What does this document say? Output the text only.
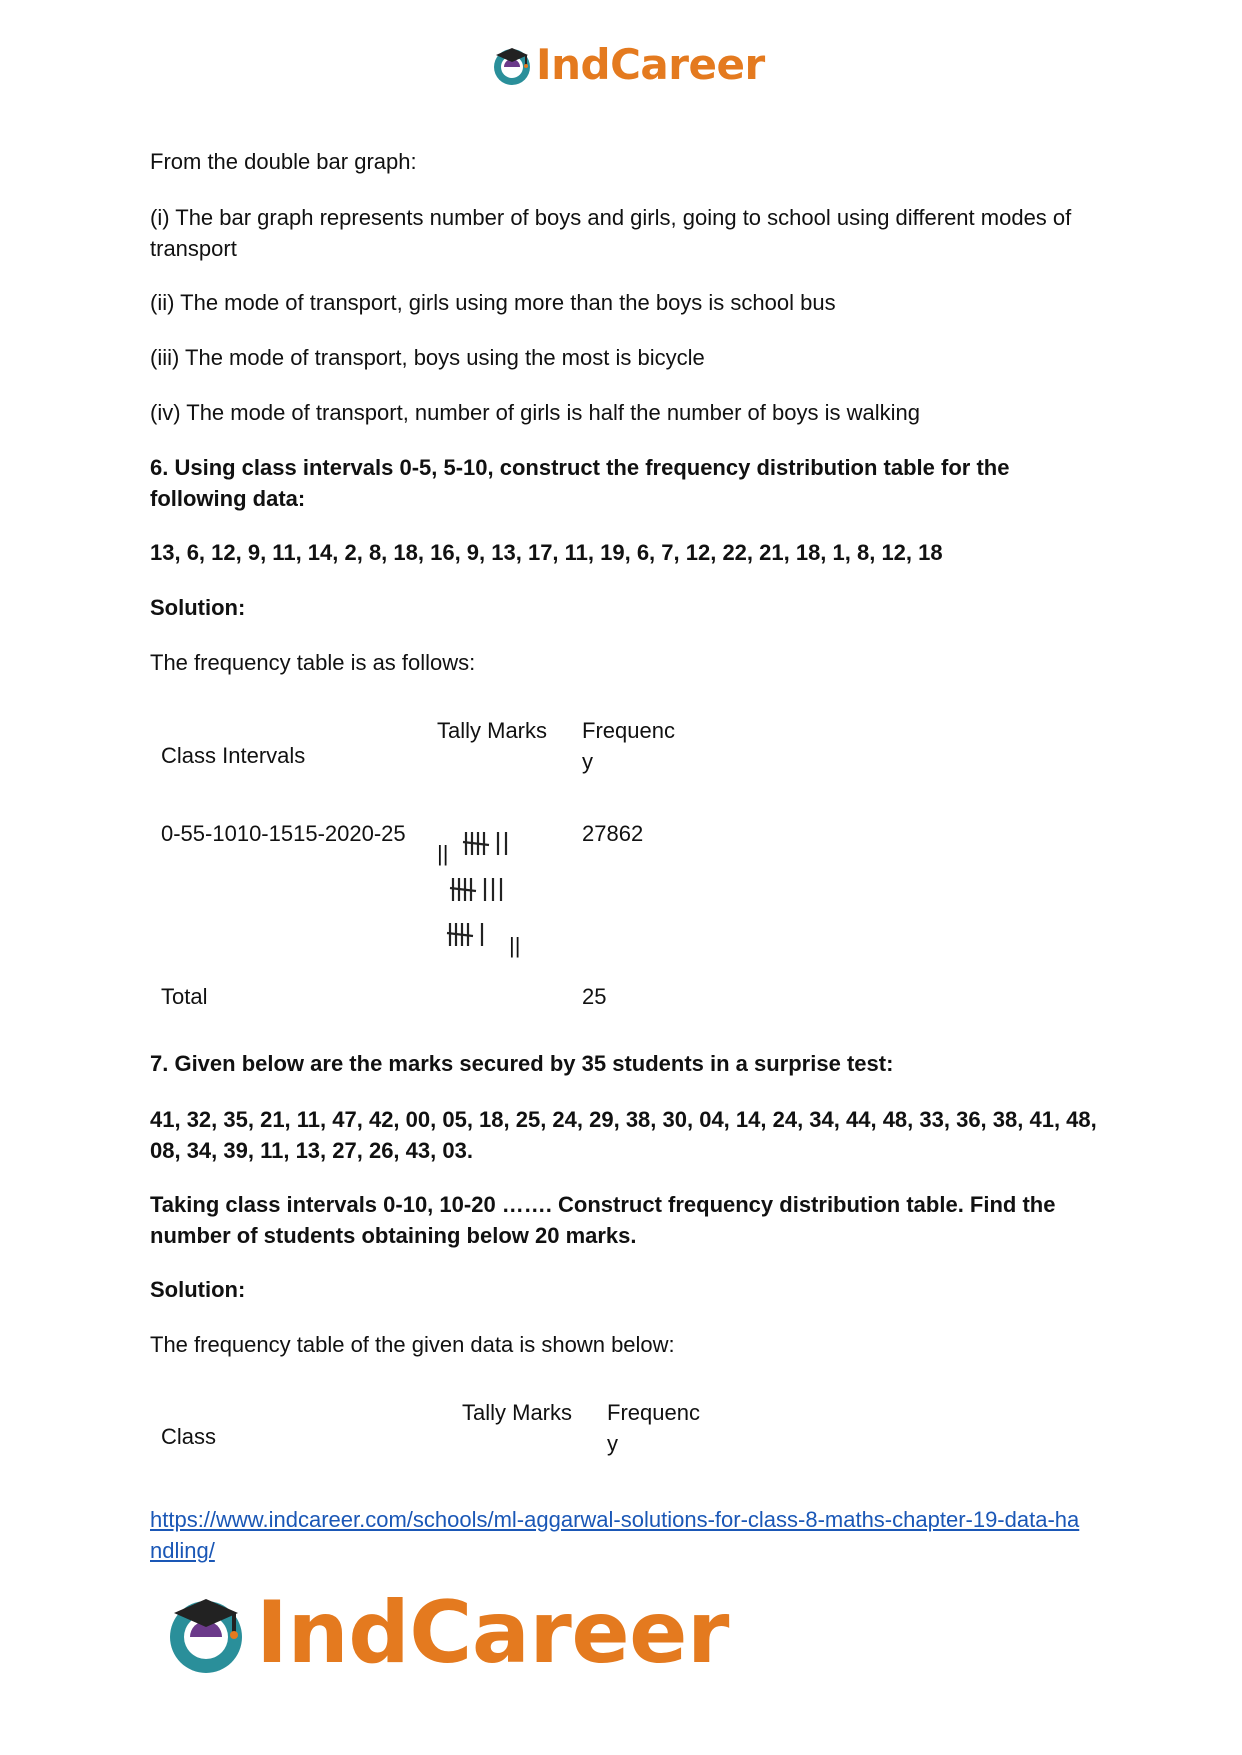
IndCareer

From the double bar graph:

(i) The bar graph represents number of boys and girls, going to school using different modes of transport

(ii) The mode of transport, girls using more than the boys is school bus

(iii) The mode of transport, boys using the most is bicycle

(iv) The mode of transport, number of girls is half the number of boys is walking

6. Using class intervals 0-5, 5-10, construct the frequency distribution table for the following data:

13, 6, 12, 9, 11, 14, 2, 8, 18, 16, 9, 13, 17, 11, 19, 6, 7, 12, 22, 21, 18, 1, 8, 12, 18

Solution:

The frequency table is as follows:

Tally Marks Frequenc
y
Class Intervals
0-55-1010-1515-2020-25	27862
||
||
Total	25

7. Given below are the marks secured by 35 students in a surprise test:

41, 32, 35, 21, 11, 47, 42, 00, 05, 18, 25, 24, 29, 38, 30, 04, 14, 24, 34, 44, 48, 33, 36, 38, 41, 48, 08, 34, 39, 11, 13, 27, 26, 43, 03.

Taking class intervals 0-10, 10-20 ……. Construct frequency distribution table. Find the number of students obtaining below 20 marks.

Solution:

The frequency table of the given data is shown below:

Tally Marks Frequenc
y
Class
https://www.indcareer.com/schools/ml-aggarwal-solutions-for-class-8-maths-chapter-19-data-handling/
IndCareer
